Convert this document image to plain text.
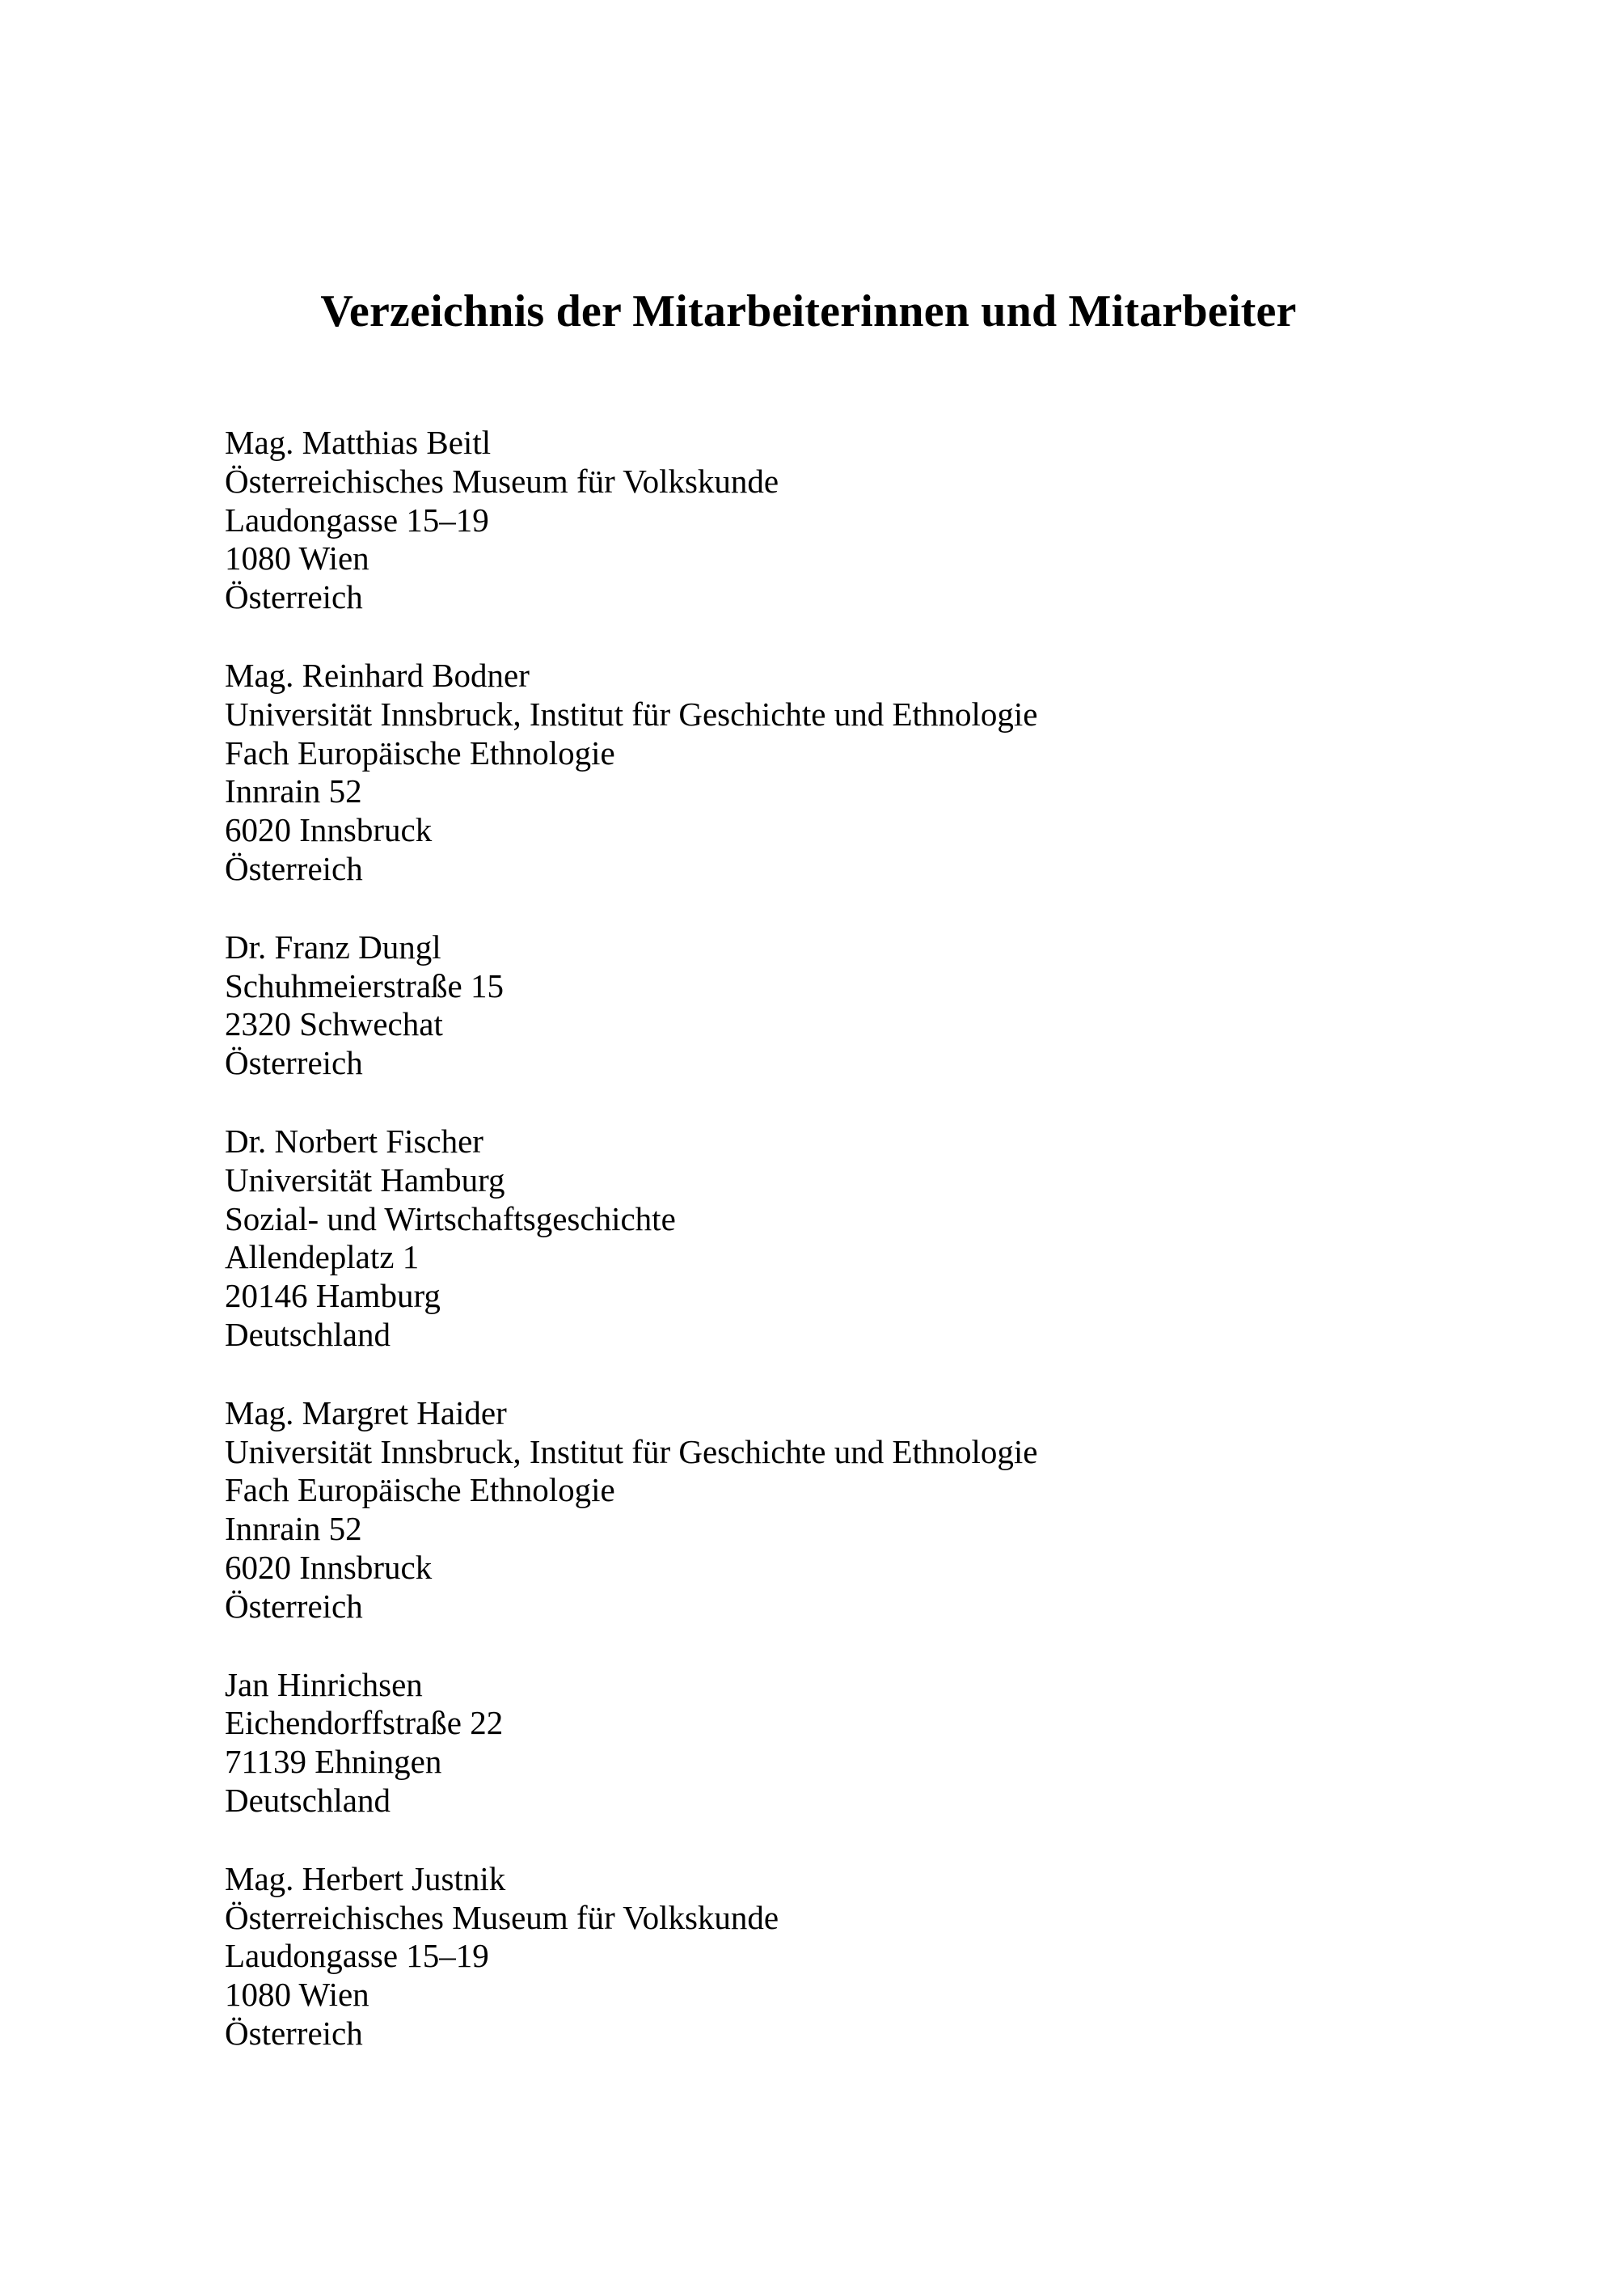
Verzeichnis der Mitarbeiterinnen und Mitarbeiter
Mag. Matthias Beitl
Österreichisches Museum für Volkskunde
Laudongasse 15–19
1080 Wien
Österreich
Mag. Reinhard Bodner
Universität Innsbruck, Institut für Geschichte und Ethnologie
Fach Europäische Ethnologie
Innrain 52
6020 Innsbruck
Österreich
Dr. Franz Dungl
Schuhmeierstraße 15
2320 Schwechat
Österreich
Dr. Norbert Fischer
Universität Hamburg
Sozial- und Wirtschaftsgeschichte
Allendeplatz 1
20146 Hamburg
Deutschland
Mag. Margret Haider
Universität Innsbruck, Institut für Geschichte und Ethnologie
Fach Europäische Ethnologie
Innrain 52
6020 Innsbruck
Österreich
Jan Hinrichsen
Eichendorffstraße 22
71139 Ehningen
Deutschland
Mag. Herbert Justnik
Österreichisches Museum für Volkskunde
Laudongasse 15–19
1080 Wien
Österreich
